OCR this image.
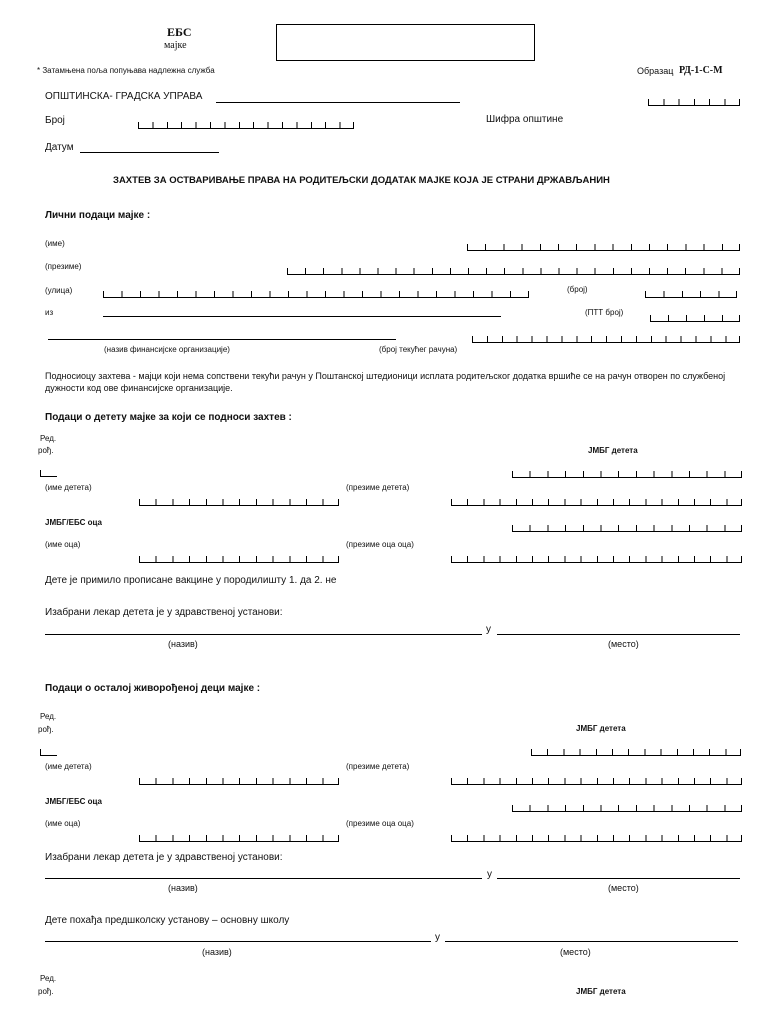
ЕБС
мајке
* Затамњена поља попуњава надлежна служба	Образац РД-1-С-М
ОПШТИНСКА- ГРАДСКА УПРАВА
Број	Шифра општине
Датум
ЗАХТЕВ ЗА ОСТВАРИВАЊЕ ПРАВА НА РОДИТЕЉСКИ ДОДАТАК МАЈКЕ КОЈА ЈЕ СТРАНИ ДРЖАВЉАНИН
Лични подаци мајке :
(име)
(презиме)
(улица)	(број)
из	(ПТТ број)
(назив финансијске организације)	(број текућег рачуна)
Подносиоцу захтева - мајци који нема сопствени текући рачун у Поштанској штедионици исплата родитељског додатка вршиће се на рачун отворен по службеној дужности код ове финансијске организације.
Подаци о детету мајке за који се подноси захтев :
Ред.
рођ.	ЈМБГ детета
(име детета)	(презиме детета)
ЈМБГ/ЕБС оца
(име оца)	(презиме оца оца)
Дете је примило прописане вакцине у породилишту 1. да 2. не
Изабрани лекар детета је у здравственој установи:
у
(назив)	(место)
Подаци о осталој живорођеној деци мајке :
Ред.
рођ.	ЈМБГ детета
(име детета)	(презиме детета)
ЈМБГ/ЕБС оца
(име оца)	(презиме оца оца)
Изабрани лекар детета је у здравственој установи:
у
(назив)	(место)
Дете похађа предшколску установу – основну школу
у
(назив)	(место)
Ред.
рођ.	ЈМБГ детета
